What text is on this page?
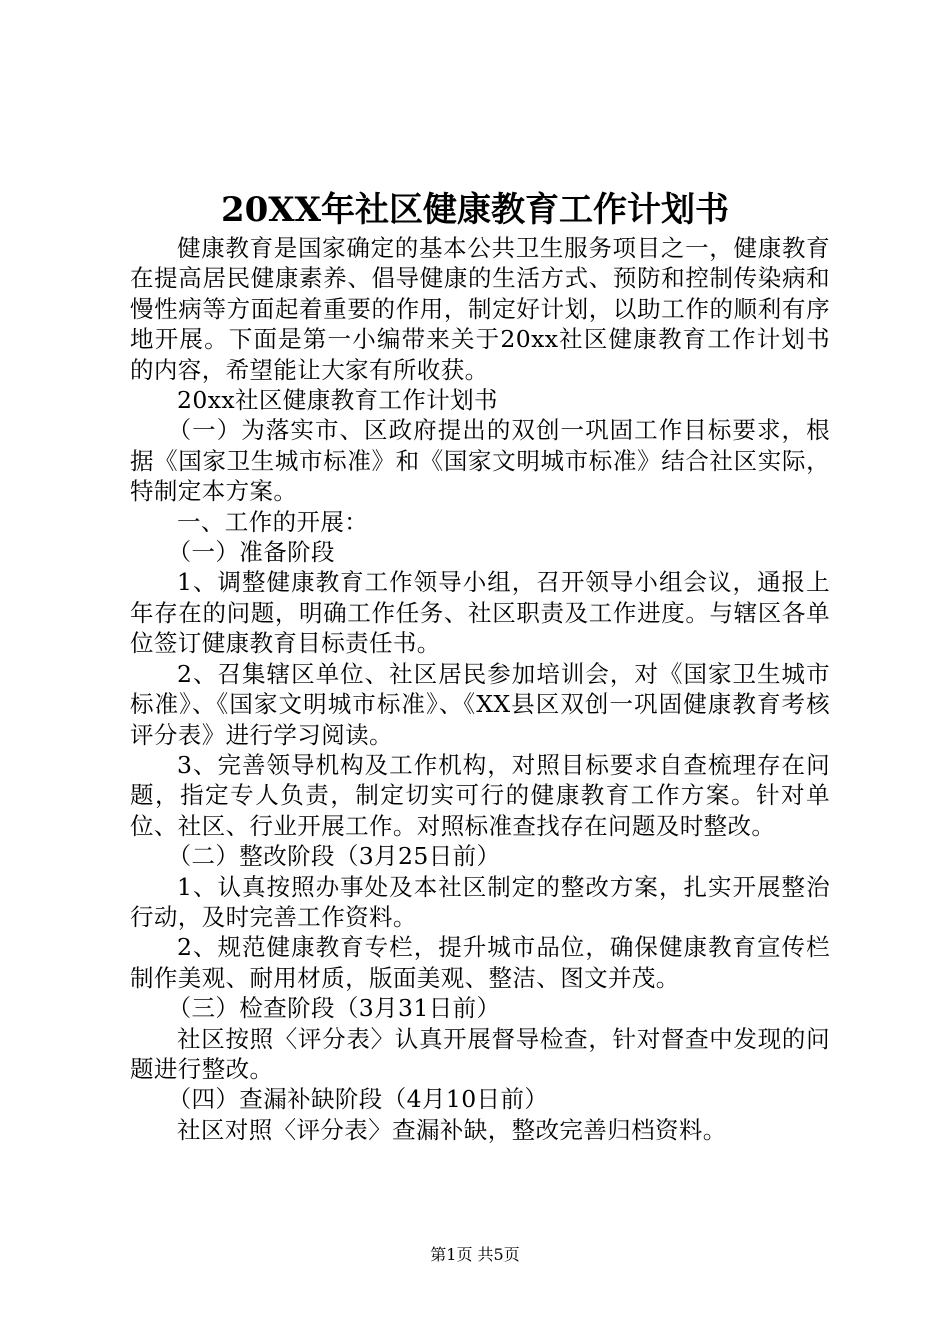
20XX年社区健康教育工作计划书

健康教育是国家确定的基本公共卫生服务项目之一，健康教育在提高居民健康素养、倡导健康的生活方式、预防和控制传染病和慢性病等方面起着重要的作用，制定好计划，以助工作的顺利有序地开展。下面是第一小编带来关于20xx社区健康教育工作计划书的内容，希望能让大家有所收获。

20xx社区健康教育工作计划书

（一）为落实市、区政府提出的双创一巩固工作目标要求，根据《国家卫生城市标准》和《国家文明城市标准》结合社区实际，特制定本方案。

一、工作的开展：

（一）准备阶段

1、调整健康教育工作领导小组，召开领导小组会议，通报上年存在的问题，明确工作任务、社区职责及工作进度。与辖区各单位签订健康教育目标责任书。

2、召集辖区单位、社区居民参加培训会，对《国家卫生城市标准》、《国家文明城市标准》、《XX县区双创一巩固健康教育考核评分表》进行学习阅读。

3、完善领导机构及工作机构，对照目标要求自查梳理存在问题，指定专人负责，制定切实可行的健康教育工作方案。针对单位、社区、行业开展工作。对照标准查找存在问题及时整改。

（二）整改阶段（3月25日前）

1、认真按照办事处及本社区制定的整改方案，扎实开展整治行动，及时完善工作资料。

2、规范健康教育专栏，提升城市品位，确保健康教育宣传栏制作美观、耐用材质，版面美观、整洁、图文并茂。

（三）检查阶段（3月31日前）

社区按照〈评分表〉认真开展督导检查，针对督查中发现的问题进行整改。

（四）查漏补缺阶段（4月10日前）

社区对照〈评分表〉查漏补缺，整改完善归档资料。

第1页 共5页
